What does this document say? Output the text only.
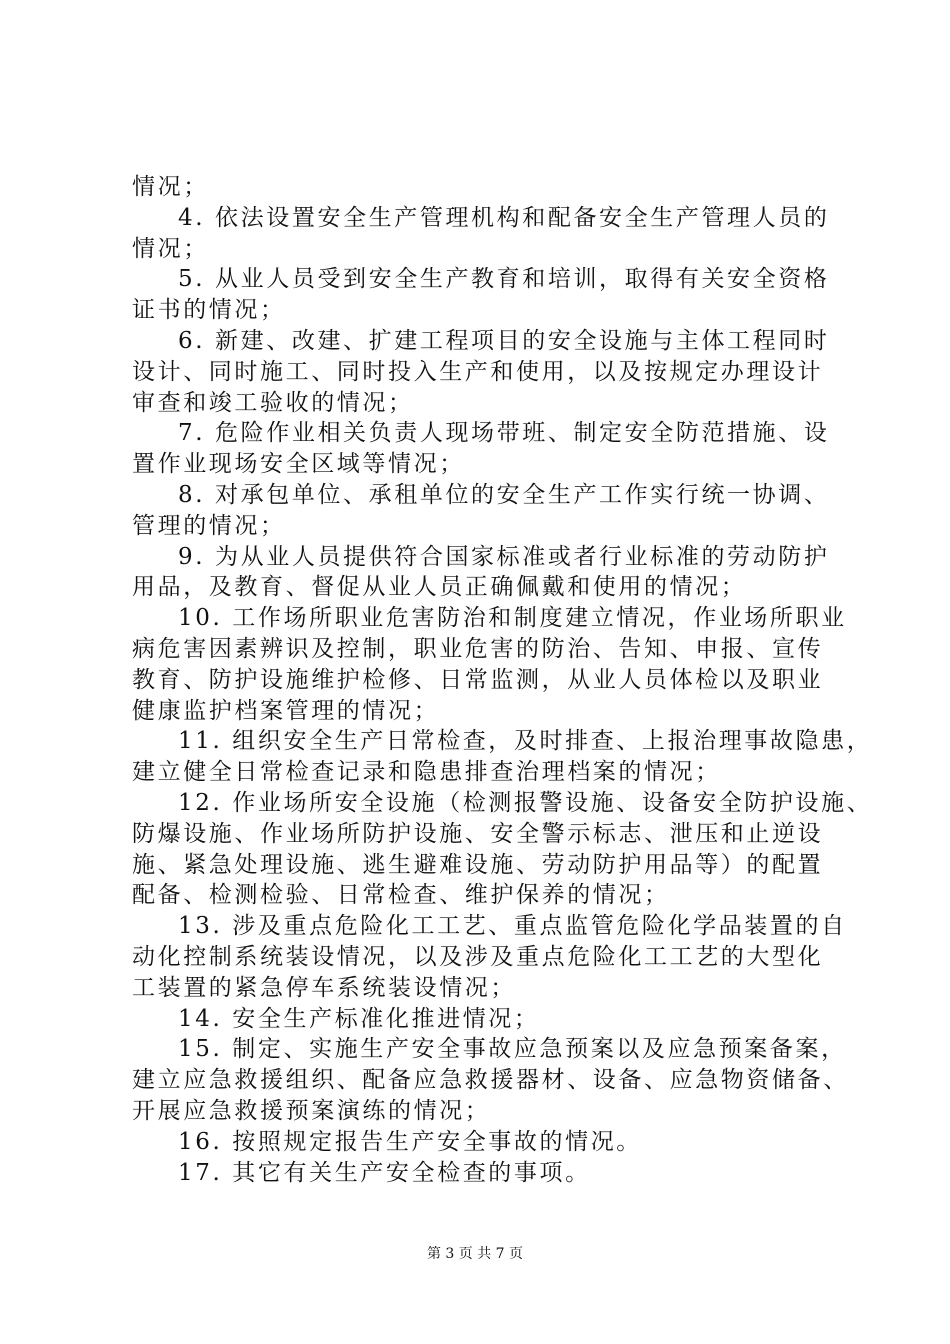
情况；
4. 依法设置安全生产管理机构和配备安全生产管理人员的
情况；
5. 从业人员受到安全生产教育和培训，取得有关安全资格
证书的情况；
6. 新建、改建、扩建工程项目的安全设施与主体工程同时
设计、同时施工、同时投入生产和使用，以及按规定办理设计
审查和竣工验收的情况；
7. 危险作业相关负责人现场带班、制定安全防范措施、设
置作业现场安全区域等情况；
8. 对承包单位、承租单位的安全生产工作实行统一协调、
管理的情况；
9. 为从业人员提供符合国家标准或者行业标准的劳动防护
用品，及教育、督促从业人员正确佩戴和使用的情况；
10. 工作场所职业危害防治和制度建立情况，作业场所职业
病危害因素辨识及控制，职业危害的防治、告知、申报、宣传
教育、防护设施维护检修、日常监测，从业人员体检以及职业
健康监护档案管理的情况；
11. 组织安全生产日常检查，及时排查、上报治理事故隐患，
建立健全日常检查记录和隐患排查治理档案的情况；
12. 作业场所安全设施（检测报警设施、设备安全防护设施、
防爆设施、作业场所防护设施、安全警示标志、泄压和止逆设
施、紧急处理设施、逃生避难设施、劳动防护用品等）的配置
配备、检测检验、日常检查、维护保养的情况；
13. 涉及重点危险化工工艺、重点监管危险化学品装置的自
动化控制系统装设情况，以及涉及重点危险化工工艺的大型化
工装置的紧急停车系统装设情况；
14. 安全生产标准化推进情况；
15. 制定、实施生产安全事故应急预案以及应急预案备案，
建立应急救援组织、配备应急救援器材、设备、应急物资储备、
开展应急救援预案演练的情况；
16. 按照规定报告生产安全事故的情况。
17. 其它有关生产安全检查的事项。
第 3 页 共 7 页
